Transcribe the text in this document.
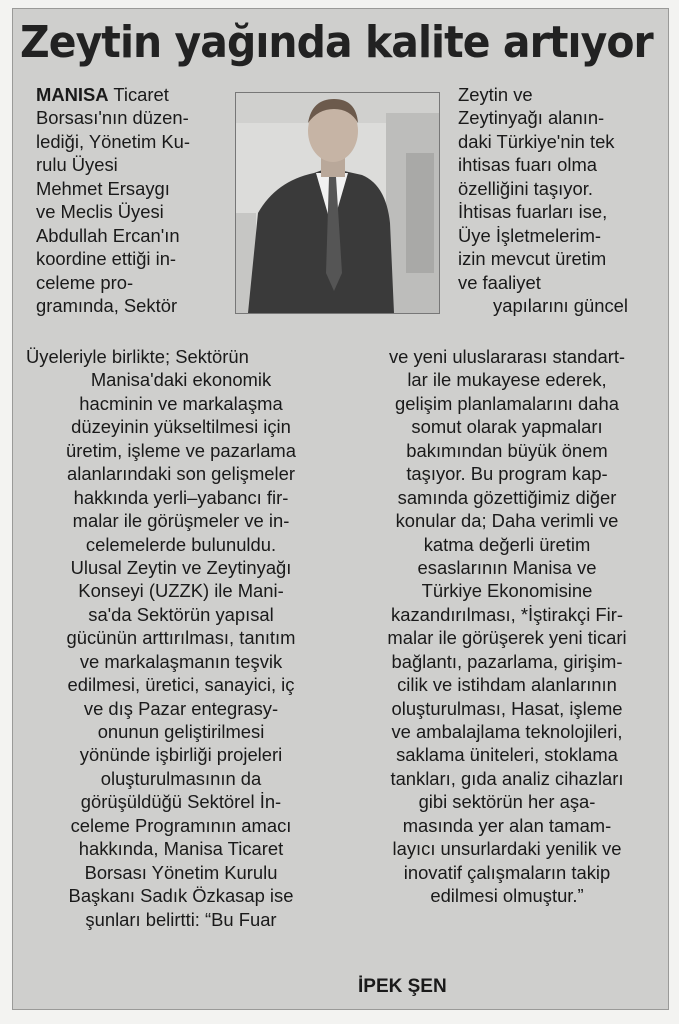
Zeytin yağında kalite artıyor
MANISA Ticaret
Borsası'nın düzen-
lediği, Yönetim Ku-
rulu Üyesi
Mehmet Ersaygı
ve Meclis Üyesi
Abdullah Ercan'ın
koordine ettiği in-
celeme pro-
gramında, Sektör
Zeytin ve
Zeytinyağı alanın-
daki Türkiye'nin tek
ihtisas fuarı olma
özelliğini taşıyor.
İhtisas fuarları ise,
Üye İşletmelerim-
izin mevcut üretim
ve faaliyet
yapılarını güncel
Üyeleriyle birlikte; Sektörün
Manisa'daki ekonomik
hacminin ve markalaşma
düzeyinin yükseltilmesi için
üretim, işleme ve pazarlama
alanlarındaki son gelişmeler
hakkında yerli–yabancı fir-
malar ile görüşmeler ve in-
celemelerde bulunuldu.
Ulusal Zeytin ve Zeytinyağı
Konseyi (UZZK) ile Mani-
sa'da Sektörün yapısal
gücünün arttırılması, tanıtım
ve markalaşmanın teşvik
edilmesi, üretici, sanayici, iç
ve dış Pazar entegrasy-
onunun geliştirilmesi
yönünde işbirliği projeleri
oluşturulmasının da
görüşüldüğü Sektörel İn-
celeme Programının amacı
hakkında, Manisa Ticaret
Borsası Yönetim Kurulu
Başkanı Sadık Özkasap ise
şunları belirtti: “Bu Fuar
ve yeni uluslararası standart-
lar ile mukayese ederek,
gelişim planlamalarını daha
somut olarak yapmaları
bakımından büyük önem
taşıyor. Bu program kap-
samında gözettiğimiz diğer
konular da; Daha verimli ve
katma değerli üretim
esaslarının Manisa ve
Türkiye Ekonomisine
kazandırılması, *İştirakçi Fir-
malar ile görüşerek yeni ticari
bağlantı, pazarlama, girişim-
cilik ve istihdam alanlarının
oluşturulması, Hasat, işleme
ve ambalajlama teknolojileri,
saklama üniteleri, stoklama
tankları, gıda analiz cihazları
gibi sektörün her aşa-
masında yer alan tamam-
layıcı unsurlardaki yenilik ve
inovatif çalışmaların takip
edilmesi olmuştur.”
İPEK ŞEN
